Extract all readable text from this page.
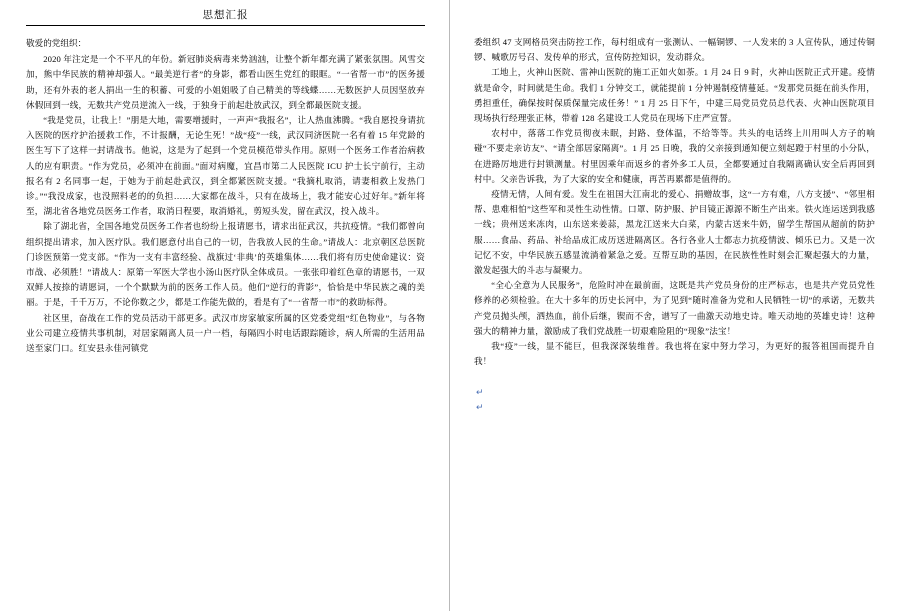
思想汇报
敬爱的党组织：

2020 年注定是一个不平凡的年份。新冠肺炎病毒来势汹汹，让整个新年都充满了紧张氛围。风雪交加，熊中华民族的精神却强人。“最美逆行者”的身影，都看山医生党红的眼眶。“一省帮一市”的医务援助，还有外表的老人捐出一生的积蓄、可爱的小姐姐吸了自己精美的等线蝶……无数医护人员因坚放弃休假回到一线，无数共产党员逆流入一线，于独身于前起赴放武汉，到全都最医院支援。

“我是党员，让我上！”朋是大地，需要增援时，一声声“我报名”，让人热血沸腾。“我自愿投身请抗入医院的医疗护治援救工作，不计报酬，无论生死！”战“疫”一线，武汉同济医院一名有着 15 年党龄的医生写下了这样一封请战书。他说，这是为了起到一个党员模范带头作用。原则一个医务工作者治病救人的应有职责。“作为党员，必须冲在前面。”面对病魔，宜昌市第二人民医院 ICU 护士长宁前行，主动报名有 2 名同事一起，于她为于前起赴武汉，到全都紧医院支援。“我摘札取消，请妻相救上发热门诊。”“我没成家，也没照料老的的负担……大家都在战斗，只有在战场上，我才能安心过好年。”新年将至，湖北省各地党员医务工作者，取消日程要，取消婚礼，剪短头发，留在武汉，投入战斗。

除了湖北省，全国各地党员医务工作者也纷纷上报请愿书，请求出征武汉，共抗疫情。“我们都曾向组织提出请求，加入医疗队。我们愿意付出自己的一切，告我放人民的生命。”请战人：北京朝区总医院门诊医预第一党支部。“作为一支有丰富经验、战旗过‘非典’的英雄集体……我们将有历史使命建议：资市战、必须胜！”请战人：原第一军医大学也小汤山医疗队全体成员。一张张印着红色章的请愿书，一双双鲜人按捺的请愿词，一个个默默为前的医务工作人员。他们“逆行的背影”，恰恰是中华民族之魂的美丽。于是，千千万万，不论你数之少，都是工作能先做的，看是有了“一省帮一市”的救助标得。

社区里，奋战在工作的党员活动干部更多。武汉市房家敏家所属的区党委党组“红色物业”，与各物业公司建立疫情共事机制，对居家隔离人员一户一档，每隔四小时电话跟踪随诊，病人所需的生活用品送至家门口。红安县永佳河镇党

委组织 47 支网格员突击防控工作，每村组成有一张测认、一幅铜锣、一人发来的 3 人宣传队，通过传铜锣、喊歌厉号召、发传单的形式，宣传防控知识，发动群众。

工地上，火神山医院、雷神山医院的施工正如火如荼。1 月 24 日 9 时，火神山医院正式开建。疫情就是命令，时间就是生命。我们 1 分钟交工，就能提前 1 分钟遏制疫情蔓延。“发那党员挺在前头作用，勇担重任，确保按时保质保量完成任务！” 1 月 25 日下午，中建三局党员党员总代表、火神山医院项目现场执行经理张正林，带着 128 名建设工人党员在现场下庄严宣誓。

农村中，落落工作党员彻夜未眠，封路、登体温，不给等等。共头的电话终上川用叫人方子的响碰“不要走亲访友”、“请全部居家隔离”。1 月 25 日晚，我的父亲接到通知便立刻起蹬于村里的小分队，在进路厉地进行封锁测量。村里因乘年而返乡的者外多工人员，全都要通过自我隔离确认安全后再回到村中。父亲告诉我，为了大家的安全和健康，再苦再累都是值得的。

疫情无情，人间有爱。发生在祖国大江南北的爱心、捐赠故事，这“一方有难，八方支援”、“邻里相帮、患难相怕”这些军和灵性生动性情。口罩、防护服、护目镜正源源不断生产出来。铁火连运送到我感一线；贵州送来冻肉，山东送来姜蒜，黑龙江送来大白菜，内蒙古送来牛奶，留学生帮国从超前的防护服……食品、药品、补给品成汇成历送进隔离区。各行各业人士都志力抗疫情波、倾乐已力。又是一次记忆不安，中华民族五感显流淌着紧急之爱。互帮互助的基因，在民族性性时刻会汇聚起强大的力量，激发起强大的斗志与凝聚力。

“全心全意为人民服务”，危险时冲在最前面，这既是共产党员身份的庄严标志，也是共产党员党性修养的必须检验。在大十多年的历史长河中，为了见到“随时准备为党和人民牺牲一切”的承诺，无数共产党员抛头颅，洒热血，前仆后继，锲而不舍，谱写了一曲激天动地史诗。唯天动地的英雄史诗！这种强大的精神力量，激励成了我们党战胜一切艰难险阻的“现象”法宝！

我“疫”一线，显不能巨，但我深深装维普。我也将在家中努力学习，为更好的报答祖国而提升自我！

↵
↵
